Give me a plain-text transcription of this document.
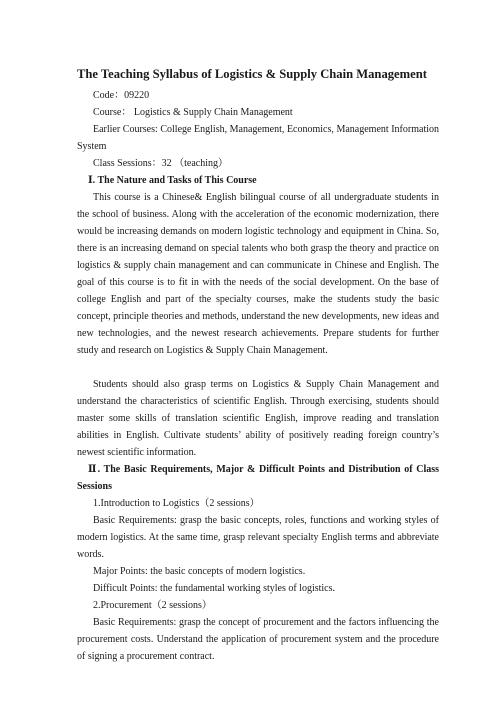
The Teaching Syllabus of Logistics & Supply Chain Management

Code：09220

Course： Logistics & Supply Chain Management

Earlier Courses: College English, Management, Economics, Management Information System

Class Sessions：32 （teaching）

Ⅰ. The Nature and Tasks of This Course

This course is a Chinese& English bilingual course of all undergraduate students in the school of business. Along with the acceleration of the economic modernization, there would be increasing demands on modern logistic technology and equipment in China. So, there is an increasing demand on special talents who both grasp the theory and practice on logistics & supply chain management and can communicate in Chinese and English. The goal of this course is to fit in with the needs of the social development. On the base of college English and part of the specialty courses, make the students study the basic concept, principle theories and methods, understand the new developments, new ideas and new technologies, and the newest research achievements. Prepare students for further study and research on Logistics & Supply Chain Management.

Students should also grasp terms on Logistics & Supply Chain Management and understand the characteristics of scientific English. Through exercising, students should master some skills of translation scientific English, improve reading and translation abilities in English. Cultivate students’ ability of positively reading foreign country’s newest scientific information.

Ⅱ. The Basic Requirements, Major & Difficult Points and Distribution of Class Sessions

1.Introduction to Logistics（2 sessions）

Basic Requirements: grasp the basic concepts, roles, functions and working styles of modern logistics. At the same time, grasp relevant specialty English terms and abbreviate words.

Major Points: the basic concepts of modern logistics.

Difficult Points: the fundamental working styles of logistics.

2.Procurement（2 sessions）

Basic Requirements: grasp the concept of procurement and the factors influencing the procurement costs. Understand the application of procurement system and the procedure of signing a procurement contract.
